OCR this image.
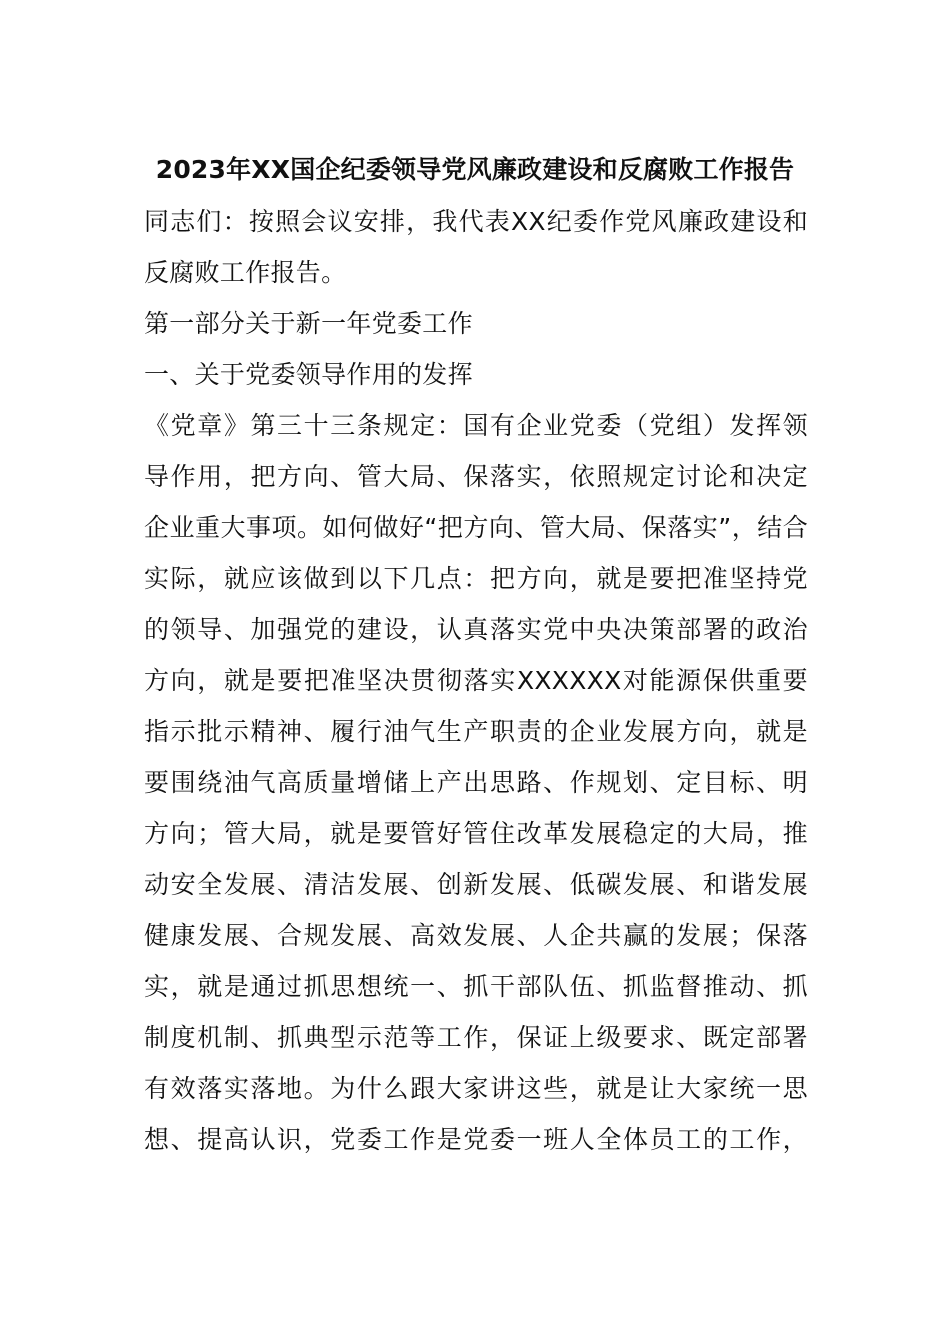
2023年XX国企纪委领导党风廉政建设和反腐败工作报告
同志们：按照会议安排，我代表XX纪委作党风廉政建设和
反腐败工作报告。
第一部分关于新一年党委工作
一、关于党委领导作用的发挥
《党章》第三十三条规定：国有企业党委（党组）发挥领
导作用，把方向、管大局、保落实，依照规定讨论和决定
企业重大事项。如何做好“把方向、管大局、保落实”，结合
实际，就应该做到以下几点：把方向，就是要把准坚持党
的领导、加强党的建设，认真落实党中央决策部署的政治
方向，就是要把准坚决贯彻落实XXXXXX对能源保供重要
指示批示精神、履行油气生产职责的企业发展方向，就是
要围绕油气高质量增储上产出思路、作规划、定目标、明
方向；管大局，就是要管好管住改革发展稳定的大局，推
动安全发展、清洁发展、创新发展、低碳发展、和谐发展
健康发展、合规发展、高效发展、人企共赢的发展；保落
实，就是通过抓思想统一、抓干部队伍、抓监督推动、抓
制度机制、抓典型示范等工作，保证上级要求、既定部署
有效落实落地。为什么跟大家讲这些，就是让大家统一思
想、提高认识，党委工作是党委一班人全体员工的工作，
